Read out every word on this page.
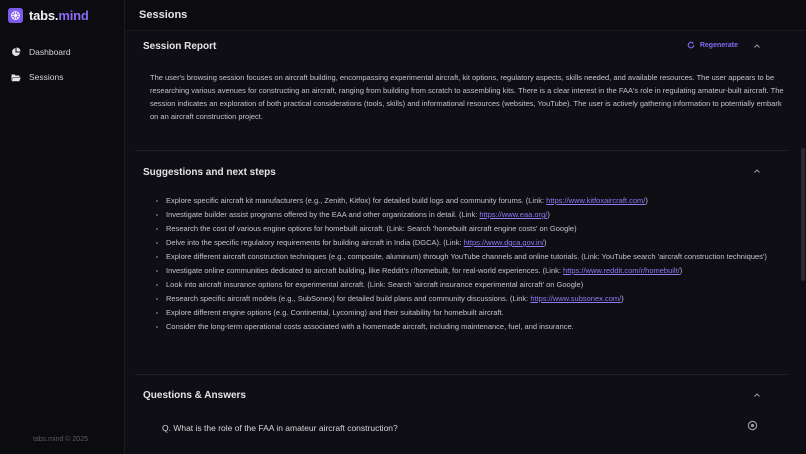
tabs.mind
Dashboard
Sessions
tabs.mind © 2025
Sessions
Session Report	Regenerate
The user's browsing session focuses on aircraft building, encompassing experimental aircraft, kit options, regulatory aspects, skills needed, and available resources. The user appears to be researching various avenues for constructing an aircraft, ranging from building from scratch to assembling kits. There is a clear interest in the FAA's role in regulating amateur-built aircraft. The session indicates an exploration of both practical considerations (tools, skills) and informational resources (websites, YouTube). The user is actively gathering information to potentially embark on an aircraft construction project.
Suggestions and next steps
Explore specific aircraft kit manufacturers (e.g., Zenith, Kitfox) for detailed build logs and community forums. (Link: https://www.kitfoxaircraft.com/)
Investigate builder assist programs offered by the EAA and other organizations in detail. (Link: https://www.eaa.org/)
Research the cost of various engine options for homebuilt aircraft. (Link: Search 'homebuilt aircraft engine costs' on Google)
Delve into the specific regulatory requirements for building aircraft in India (DGCA). (Link: https://www.dgca.gov.in/)
Explore different aircraft construction techniques (e.g., composite, aluminum) through YouTube channels and online tutorials. (Link: YouTube search 'aircraft construction techniques')
Investigate online communities dedicated to aircraft building, like Reddit's r/homebuilt, for real-world experiences. (Link: https://www.reddit.com/r/homebuilt/)
Look into aircraft insurance options for experimental aircraft. (Link: Search 'aircraft insurance experimental aircraft' on Google)
Research specific aircraft models (e.g., SubSonex) for detailed build plans and community discussions. (Link: https://www.subsonex.com/)
Explore different engine options (e.g. Continental, Lycoming) and their suitability for homebuilt aircraft.
Consider the long-term operational costs associated with a homemade aircraft, including maintenance, fuel, and insurance.
Questions & Answers
Q. What is the role of the FAA in amateur aircraft construction?
